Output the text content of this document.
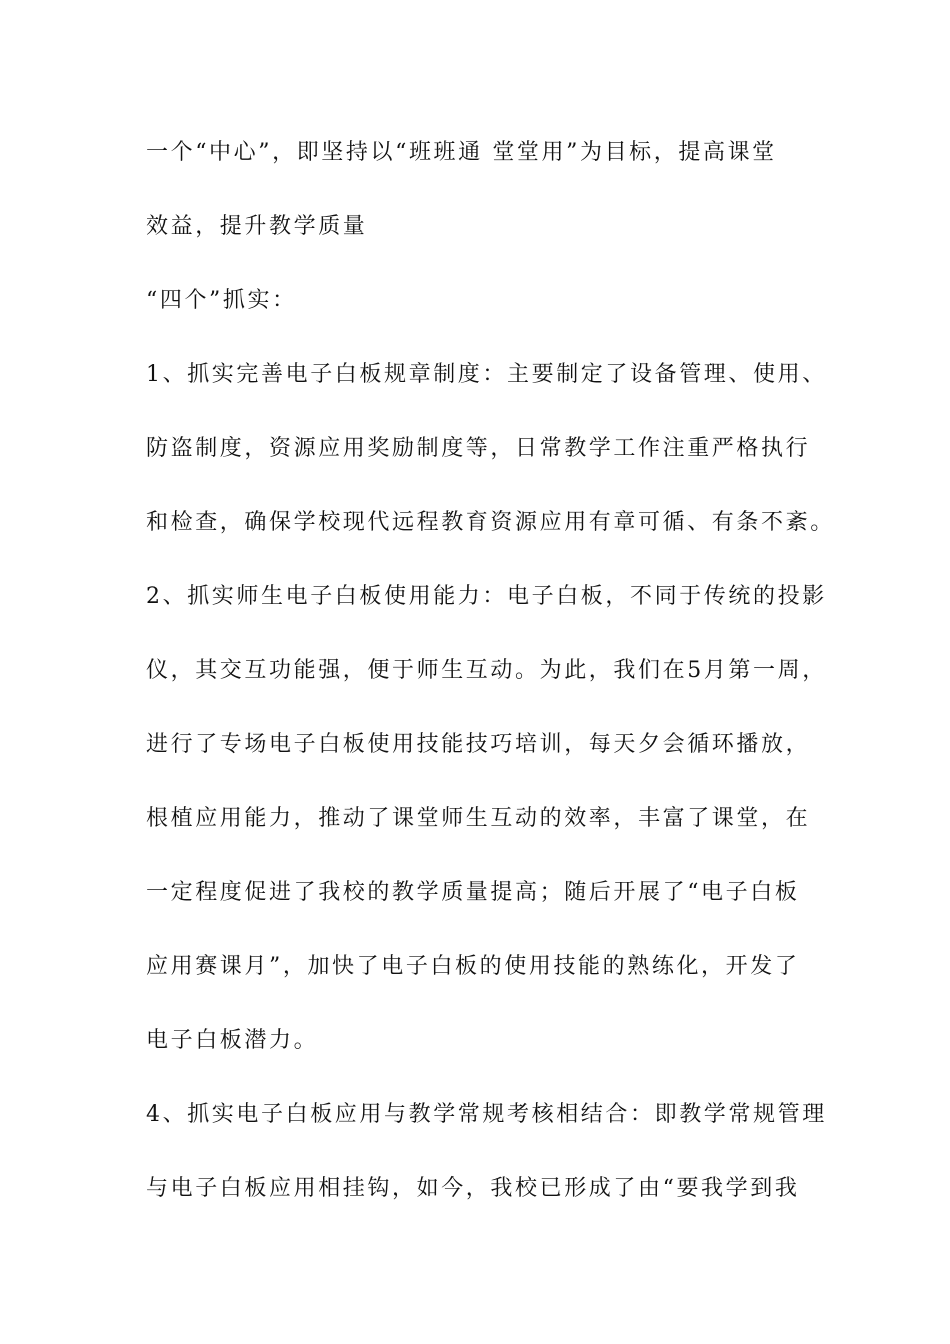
一个“中心”，即坚持以“班班通 堂堂用”为目标，提高课堂
效益，提升教学质量
“四个”抓实：
1、抓实完善电子白板规章制度：主要制定了设备管理、使用、
防盗制度，资源应用奖励制度等，日常教学工作注重严格执行
和检查，确保学校现代远程教育资源应用有章可循、有条不紊。
2、抓实师生电子白板使用能力：电子白板，不同于传统的投影
仪，其交互功能强，便于师生互动。为此，我们在5月第一周，
进行了专场电子白板使用技能技巧培训，每天夕会循环播放，
根植应用能力，推动了课堂师生互动的效率，丰富了课堂，在
一定程度促进了我校的教学质量提高；随后开展了“电子白板
应用赛课月”，加快了电子白板的使用技能的熟练化，开发了
电子白板潜力。
4、抓实电子白板应用与教学常规考核相结合：即教学常规管理
与电子白板应用相挂钩，如今，我校已形成了由“要我学到我
